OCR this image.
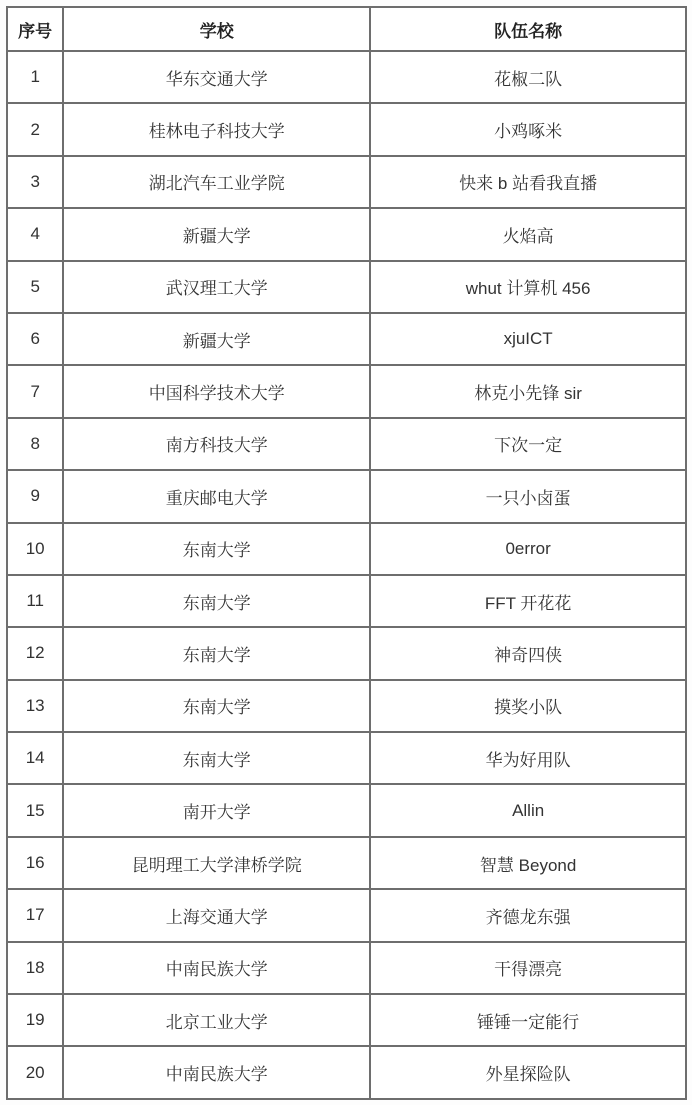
序号	学校	队伍名称
1	华东交通大学	花椒二队
2	桂林电子科技大学	小鸡啄米
3	湖北汽车工业学院	快来 b 站看我直播
4	新疆大学	火焰高
5	武汉理工大学	whut 计算机 456
6	新疆大学	xjuICT
7	中国科学技术大学	林克小先锋 sir
8	南方科技大学	下次一定
9	重庆邮电大学	一只小卤蛋
10	东南大学	0error
11	东南大学	FFT 开花花
12	东南大学	神奇四侠
13	东南大学	摸奖小队
14	东南大学	华为好用队
15	南开大学	Allin
16	昆明理工大学津桥学院	智慧 Beyond
17	上海交通大学	齐德龙东强
18	中南民族大学	干得漂亮
19	北京工业大学	锤锤一定能行
20	中南民族大学	外星探险队
